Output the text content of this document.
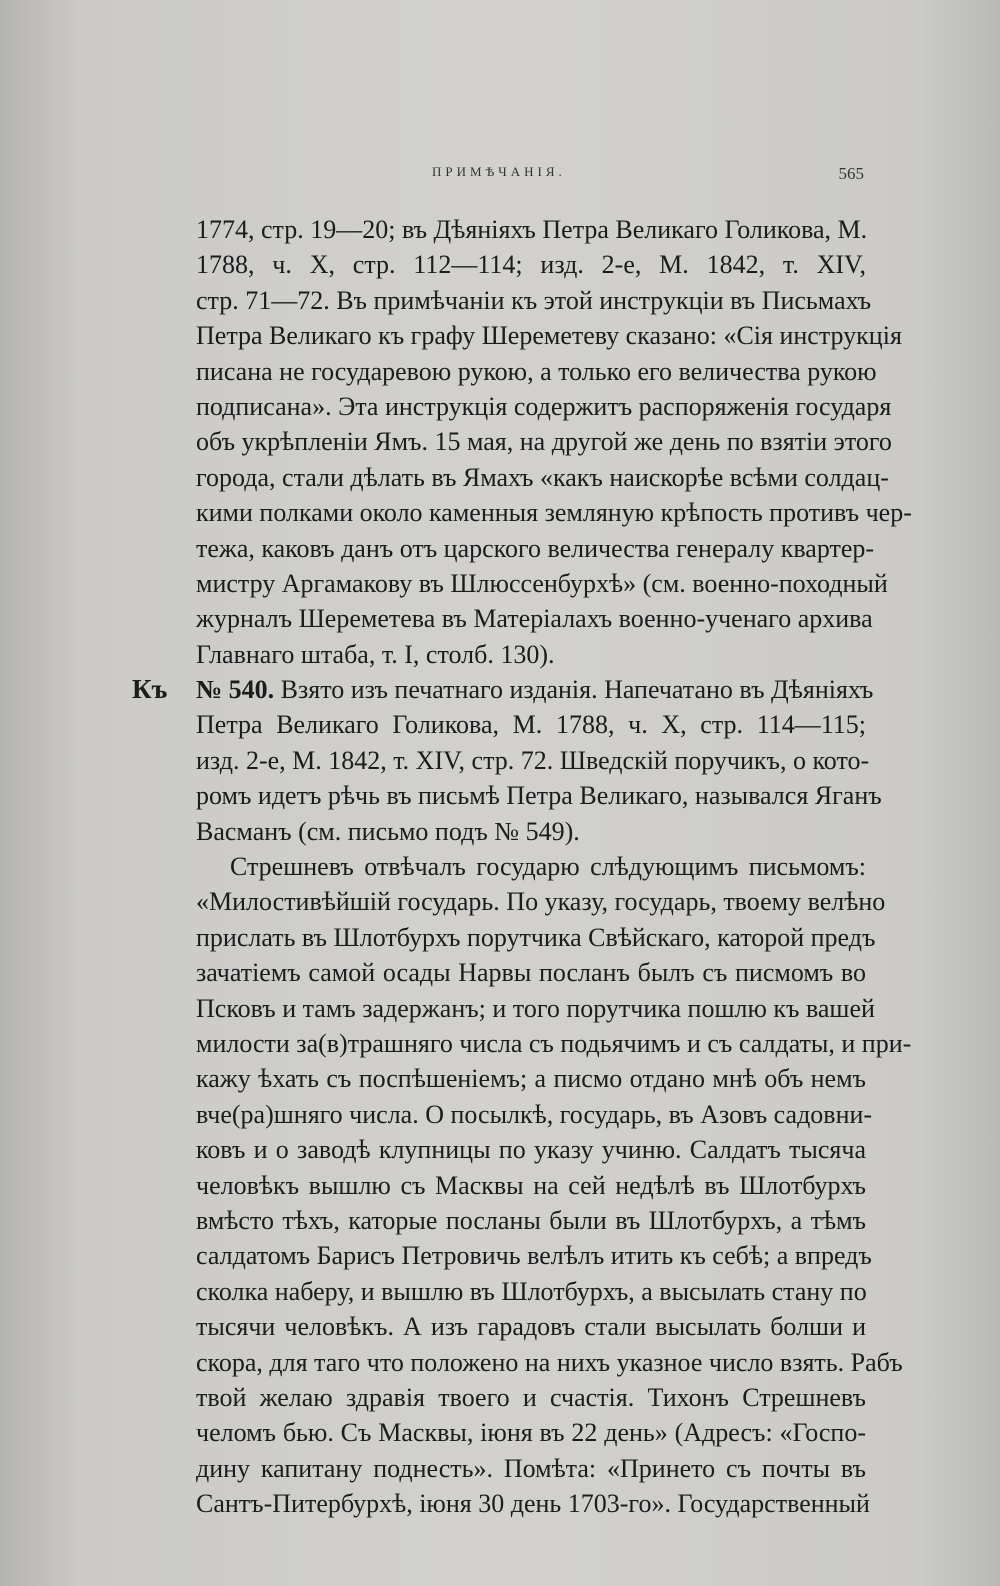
ПРИМѢЧАНІЯ.	565
1774, стр. 19—20; въ Дѣяніяхъ Петра Великаго Голикова, М.
1788, ч. X, стр. 112—114; изд. 2-е, М. 1842, т. XIV,
стр. 71—72. Въ примѣчаніи къ этой инструкціи въ Письмахъ
Петра Великаго къ графу Шереметеву сказано: «Сія инструкція
писана не государевою рукою, а только его величества рукою
подписана». Эта инструкція содержитъ распоряженія государя
объ укрѣпленіи Ямъ. 15 мая, на другой же день по взятіи этого
города, стали дѣлать въ Ямахъ «какъ наискорѣе всѣми солдац-
кими полками около каменныя земляную крѣпость противъ чер-
тежа, каковъ данъ отъ царского величества генералу квартер-
мистру Аргамакову въ Шлюссенбурхѣ» (см. военно-походный
журналъ Шереметева въ Матеріалахъ военно-ученаго архива
Главнаго штаба, т. I, столб. 130).
Къ № 540. Взято изъ печатнаго изданія. Напечатано въ Дѣяніяхъ
Петра Великаго Голикова, М. 1788, ч. X, стр. 114—115;
изд. 2-е, М. 1842, т. XIV, стр. 72. Шведскій поручикъ, о кото-
ромъ идетъ рѣчь въ письмѣ Петра Великаго, назывался Яганъ
Васманъ (см. письмо подъ № 549).
Стрешневъ отвѣчалъ государю слѣдующимъ письмомъ:
«Милостивѣйшій государь. По указу, государь, твоему велѣно
прислать въ Шлотбурхъ порутчика Свѣйскаго, каторой предъ
зачатіемъ самой осады Нарвы посланъ былъ съ писмомъ во
Псковъ и тамъ задержанъ; и того порутчика пошлю къ вашей
милости за(в)трашняго числа съ подьячимъ и съ салдаты, и при-
кажу ѣхать съ поспѣшеніемъ; а писмо отдано мнѣ объ немъ
вче(ра)шняго числа. О посылкѣ, государь, въ Азовъ садовни-
ковъ и о заводѣ клупницы по указу учиню. Салдатъ тысяча
человѣкъ вышлю съ Масквы на сей недѣлѣ въ Шлотбурхъ
вмѣсто тѣхъ, каторые посланы были въ Шлотбурхъ, а тѣмъ
салдатомъ Барисъ Петровичь велѣлъ итить къ себѣ; а впредъ
сколка наберу, и вышлю въ Шлотбурхъ, а высылать стану по
тысячи человѣкъ. А изъ гарадовъ стали высылать болши и
скора, для таго что положено на нихъ указное число взять. Рабъ
твой желаю здравія твоего и счастія. Тихонъ Стрешневъ
челомъ бью. Съ Масквы, іюня въ 22 день» (Адресъ: «Госпо-
дину капитану поднесть». Помѣта: «Принето съ почты въ
Сантъ-Питербурхѣ, іюня 30 день 1703-го». Государственный
